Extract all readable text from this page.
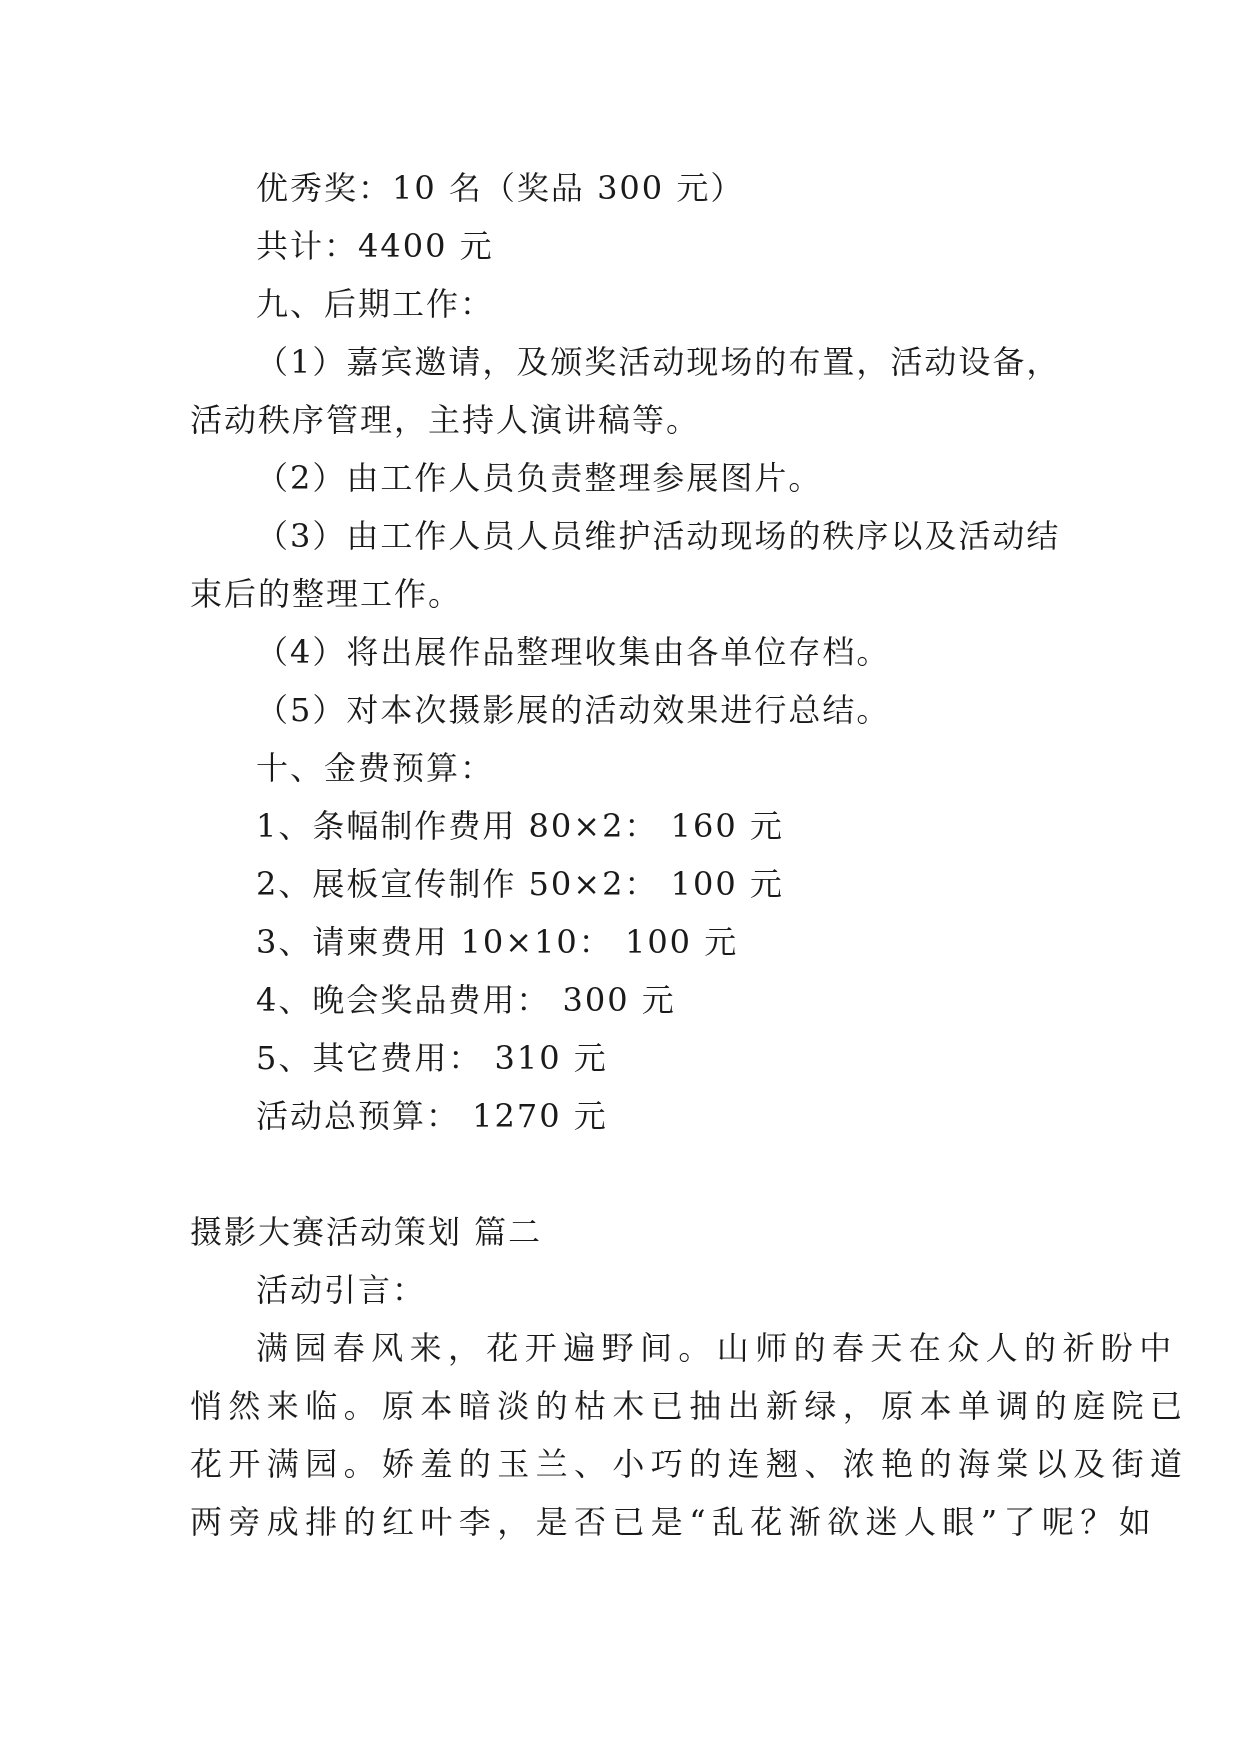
优秀奖：10 名（奖品 300 元）
共计：4400 元
九、后期工作：
（1）嘉宾邀请，及颁奖活动现场的布置，活动设备，
活动秩序管理，主持人演讲稿等。
（2）由工作人员负责整理参展图片。
（3）由工作人员人员维护活动现场的秩序以及活动结
束后的整理工作。
（4）将出展作品整理收集由各单位存档。
（5）对本次摄影展的活动效果进行总结。
十、金费预算：
1、条幅制作费用 80×2： 160 元
2、展板宣传制作 50×2： 100 元
3、请柬费用 10×10： 100 元
4、晚会奖品费用： 300 元
5、其它费用： 310 元
活动总预算： 1270 元
摄影大赛活动策划 篇二
活动引言：
满园春风来，花开遍野间。山师的春天在众人的祈盼中
悄然来临。原本暗淡的枯木已抽出新绿，原本单调的庭院已
花开满园。娇羞的玉兰、小巧的连翘、浓艳的海棠以及街道
两旁成排的红叶李，是否已是“乱花渐欲迷人眼”了呢？如
